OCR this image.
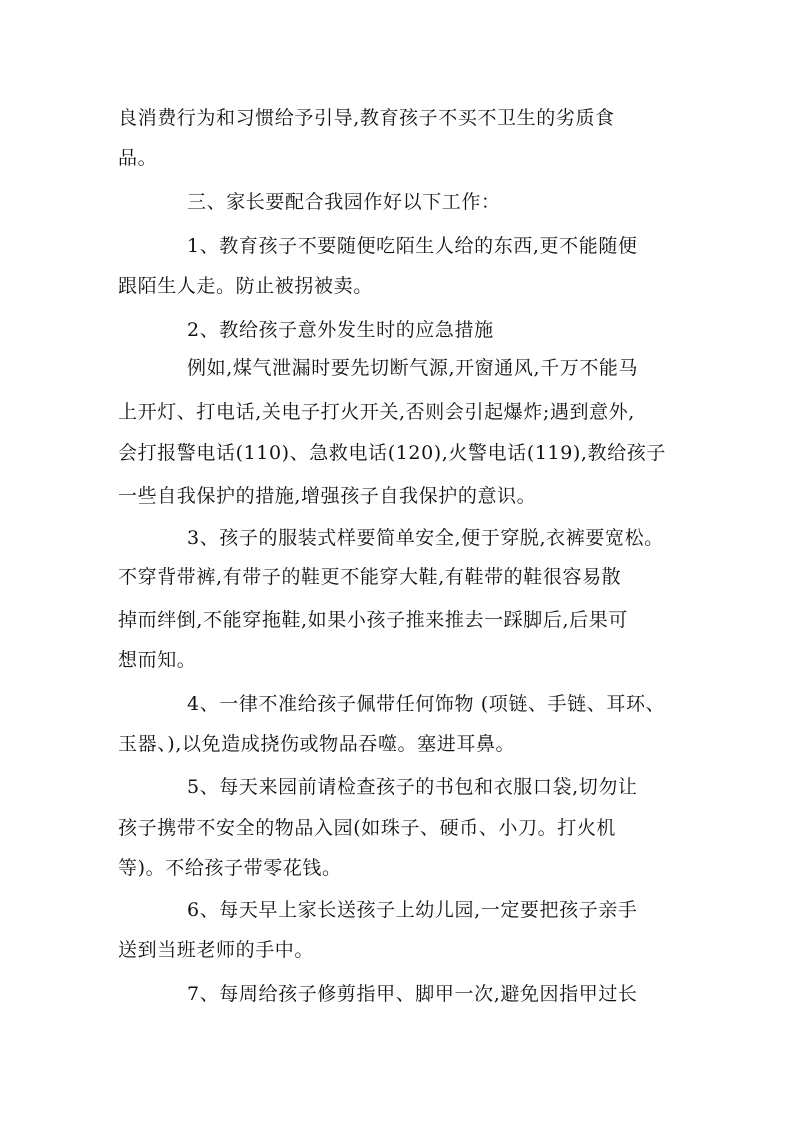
良消费行为和习惯给予引导,教育孩子不买不卫生的劣质食
品。
三、家长要配合我园作好以下工作：
1、教育孩子不要随便吃陌生人给的东西,更不能随便
跟陌生人走。防止被拐被卖。
2、教给孩子意外发生时的应急措施
例如,煤气泄漏时要先切断气源,开窗通风,千万不能马
上开灯、打电话,关电子打火开关,否则会引起爆炸;遇到意外,
会打报警电话(110)、急救电话(120),火警电话(119),教给孩子
一些自我保护的措施,增强孩子自我保护的意识。
3、孩子的服装式样要简单安全,便于穿脱,衣裤要宽松。
不穿背带裤,有带子的鞋更不能穿大鞋,有鞋带的鞋很容易散
掉而绊倒,不能穿拖鞋,如果小孩子推来推去一踩脚后,后果可
想而知。
4、一律不准给孩子佩带任何饰物 (项链、手链、耳环、
玉器、),以免造成挠伤或物品吞噬。塞进耳鼻。
5、每天来园前请检查孩子的书包和衣服口袋,切勿让
孩子携带不安全的物品入园(如珠子、硬币、小刀。打火机
等)。不给孩子带零花钱。
6、每天早上家长送孩子上幼儿园,一定要把孩子亲手
送到当班老师的手中。
7、每周给孩子修剪指甲、脚甲一次,避免因指甲过长
